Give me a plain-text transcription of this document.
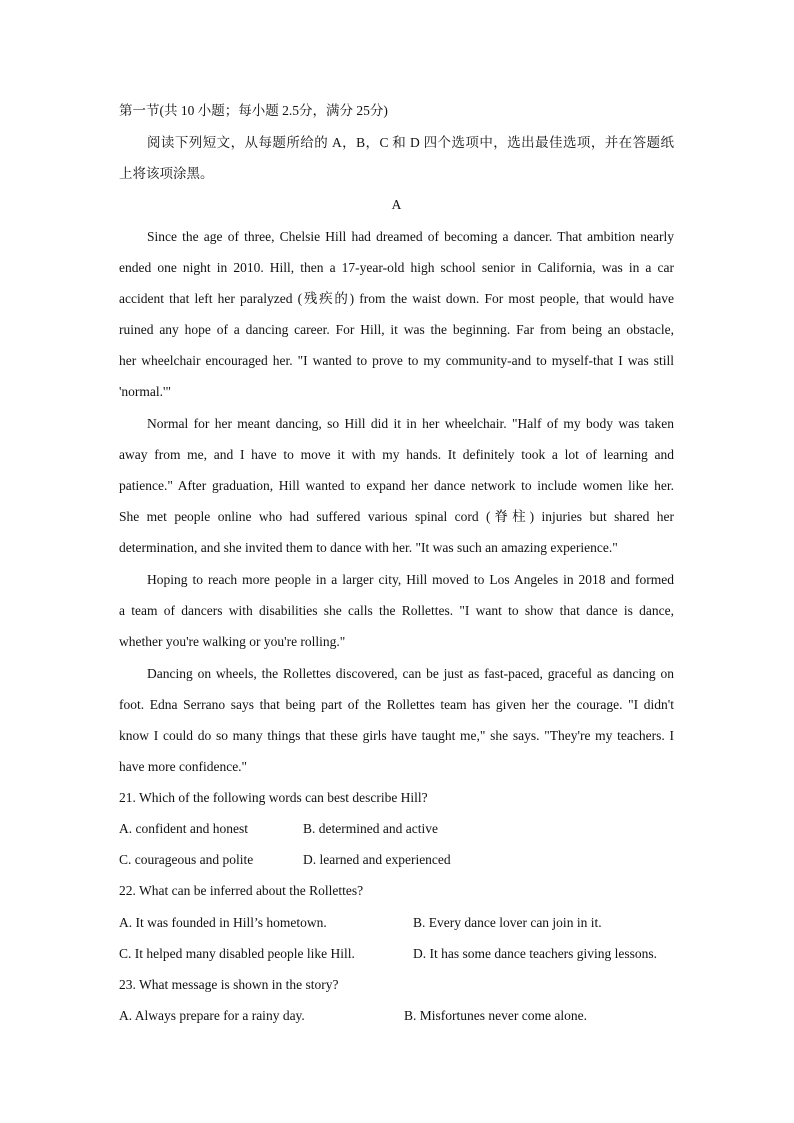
第一节(共 10 小题；每小题 2.5分，满分 25分)
阅读下列短文，从每题所给的 A，B，C 和 D 四个选项中，选出最佳选项，并在答题纸
上将该项涂黑。
A
Since the age of three, Chelsie Hill had dreamed of becoming a dancer. That ambition nearly
ended one night in 2010. Hill, then a 17-year-old high school senior in California, was in a car
accident that left her paralyzed (残疾的) from the waist down. For most people, that would have
ruined any hope of a dancing career. For Hill, it was the beginning. Far from being an obstacle,
her wheelchair encouraged her. "I wanted to prove to my community-and to myself-that I was still
'normal.'"
Normal for her meant dancing, so Hill did it in her wheelchair. "Half of my body was taken
away from me, and I have to move it with my hands. It definitely took a lot of learning and
patience." After graduation, Hill wanted to expand her dance network to include women like her.
She met people online who had suffered various spinal cord (脊柱) injuries but shared her
determination, and she invited them to dance with her. "It was such an amazing experience."
Hoping to reach more people in a larger city, Hill moved to Los Angeles in 2018 and formed
a team of dancers with disabilities she calls the Rollettes. "I want to show that dance is dance,
whether you're walking or you're rolling."
Dancing on wheels, the Rollettes discovered, can be just as fast-paced, graceful as dancing on
foot. Edna Serrano says that being part of the Rollettes team has given her the courage. "I didn't
know I could do so many things that these girls have taught me," she says. "They're my teachers. I
have more confidence."
21. Which of the following words can best describe Hill?
A. confident and honest	B. determined and active
C. courageous and polite	D. learned and experienced
22. What can be inferred about the Rollettes?
A. It was founded in Hill’s hometown.	B. Every dance lover can join in it.
C. It helped many disabled people like Hill.	D. It has some dance teachers giving lessons.
23. What message is shown in the story?
A. Always prepare for a rainy day.	B. Misfortunes never come alone.
